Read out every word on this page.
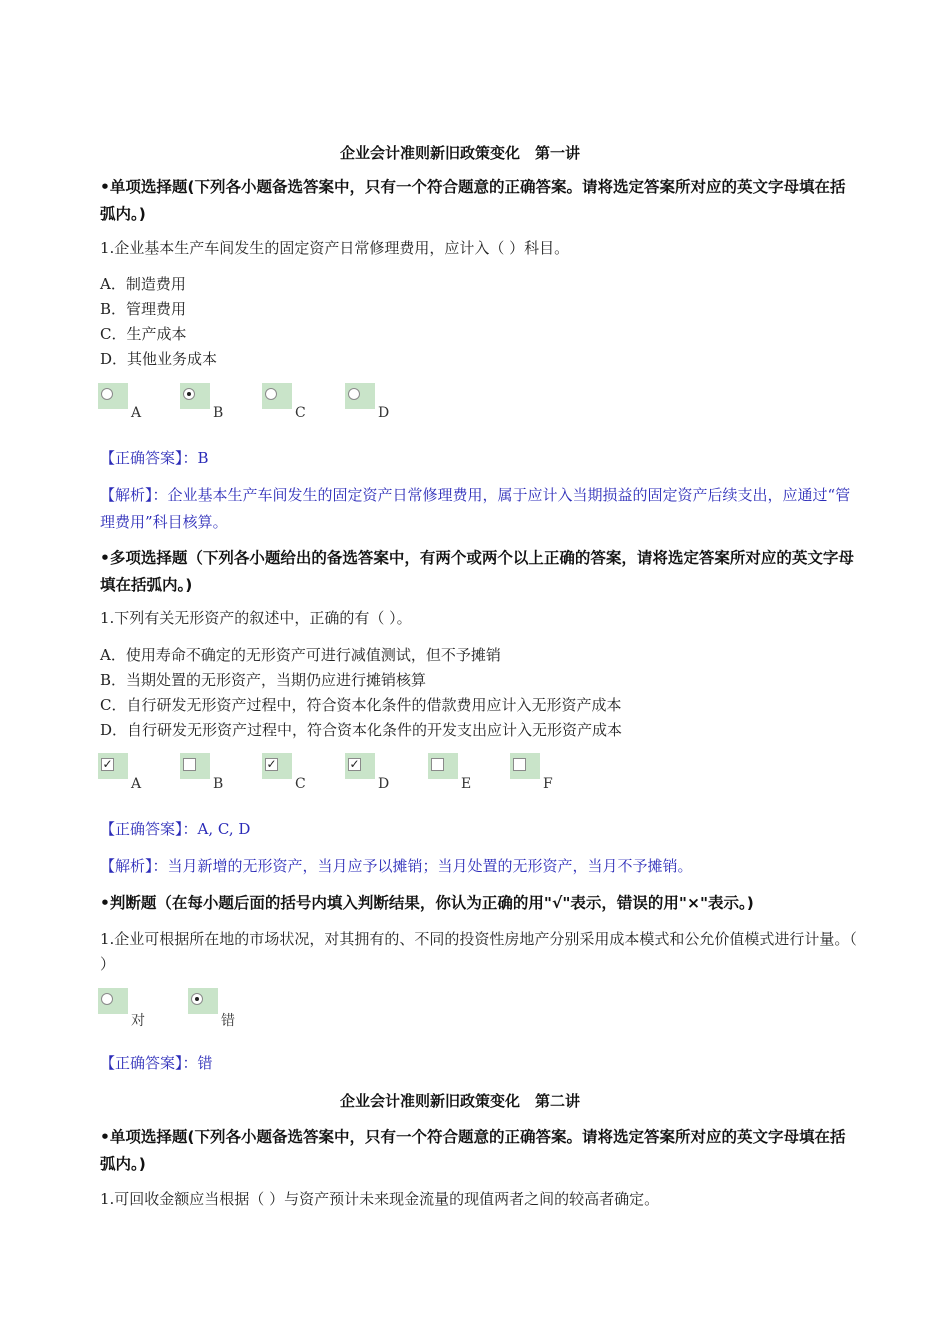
企业会计准则新旧政策变化　第一讲
•单项选择题(下列各小题备选答案中，只有一个符合题意的正确答案。请将选定答案所对应的英文字母填在括弧内。)
1.企业基本生产车间发生的固定资产日常修理费用，应计入（ ）科目。
A．制造费用
B．管理费用
C．生产成本
D．其他业务成本
A	B	C	D
【正确答案】：B
【解析】：企业基本生产车间发生的固定资产日常修理费用，属于应计入当期损益的固定资产后续支出，应通过“管理费用”科目核算。
•多项选择题（下列各小题给出的备选答案中，有两个或两个以上正确的答案，请将选定答案所对应的英文字母填在括弧内。)
1.下列有关无形资产的叙述中，正确的有（ ）。
A．使用寿命不确定的无形资产可进行减值测试，但不予摊销
B．当期处置的无形资产，当期仍应进行摊销核算
C．自行研发无形资产过程中，符合资本化条件的借款费用应计入无形资产成本
D．自行研发无形资产过程中，符合资本化条件的开发支出应计入无形资产成本
✓
A	B
✓
C
✓
D	E	F
【正确答案】：A, C, D
【解析】：当月新增的无形资产，当月应予以摊销；当月处置的无形资产，当月不予摊销。
•判断题（在每小题后面的括号内填入判断结果，你认为正确的用"√"表示，错误的用"×"表示。)
1.企业可根据所在地的市场状况，对其拥有的、不同的投资性房地产分别采用成本模式和公允价值模式进行计量。（ ）
对	错
【正确答案】：错
企业会计准则新旧政策变化　第二讲
•单项选择题(下列各小题备选答案中，只有一个符合题意的正确答案。请将选定答案所对应的英文字母填在括弧内。)
1.可回收金额应当根据（ ）与资产预计未来现金流量的现值两者之间的较高者确定。
